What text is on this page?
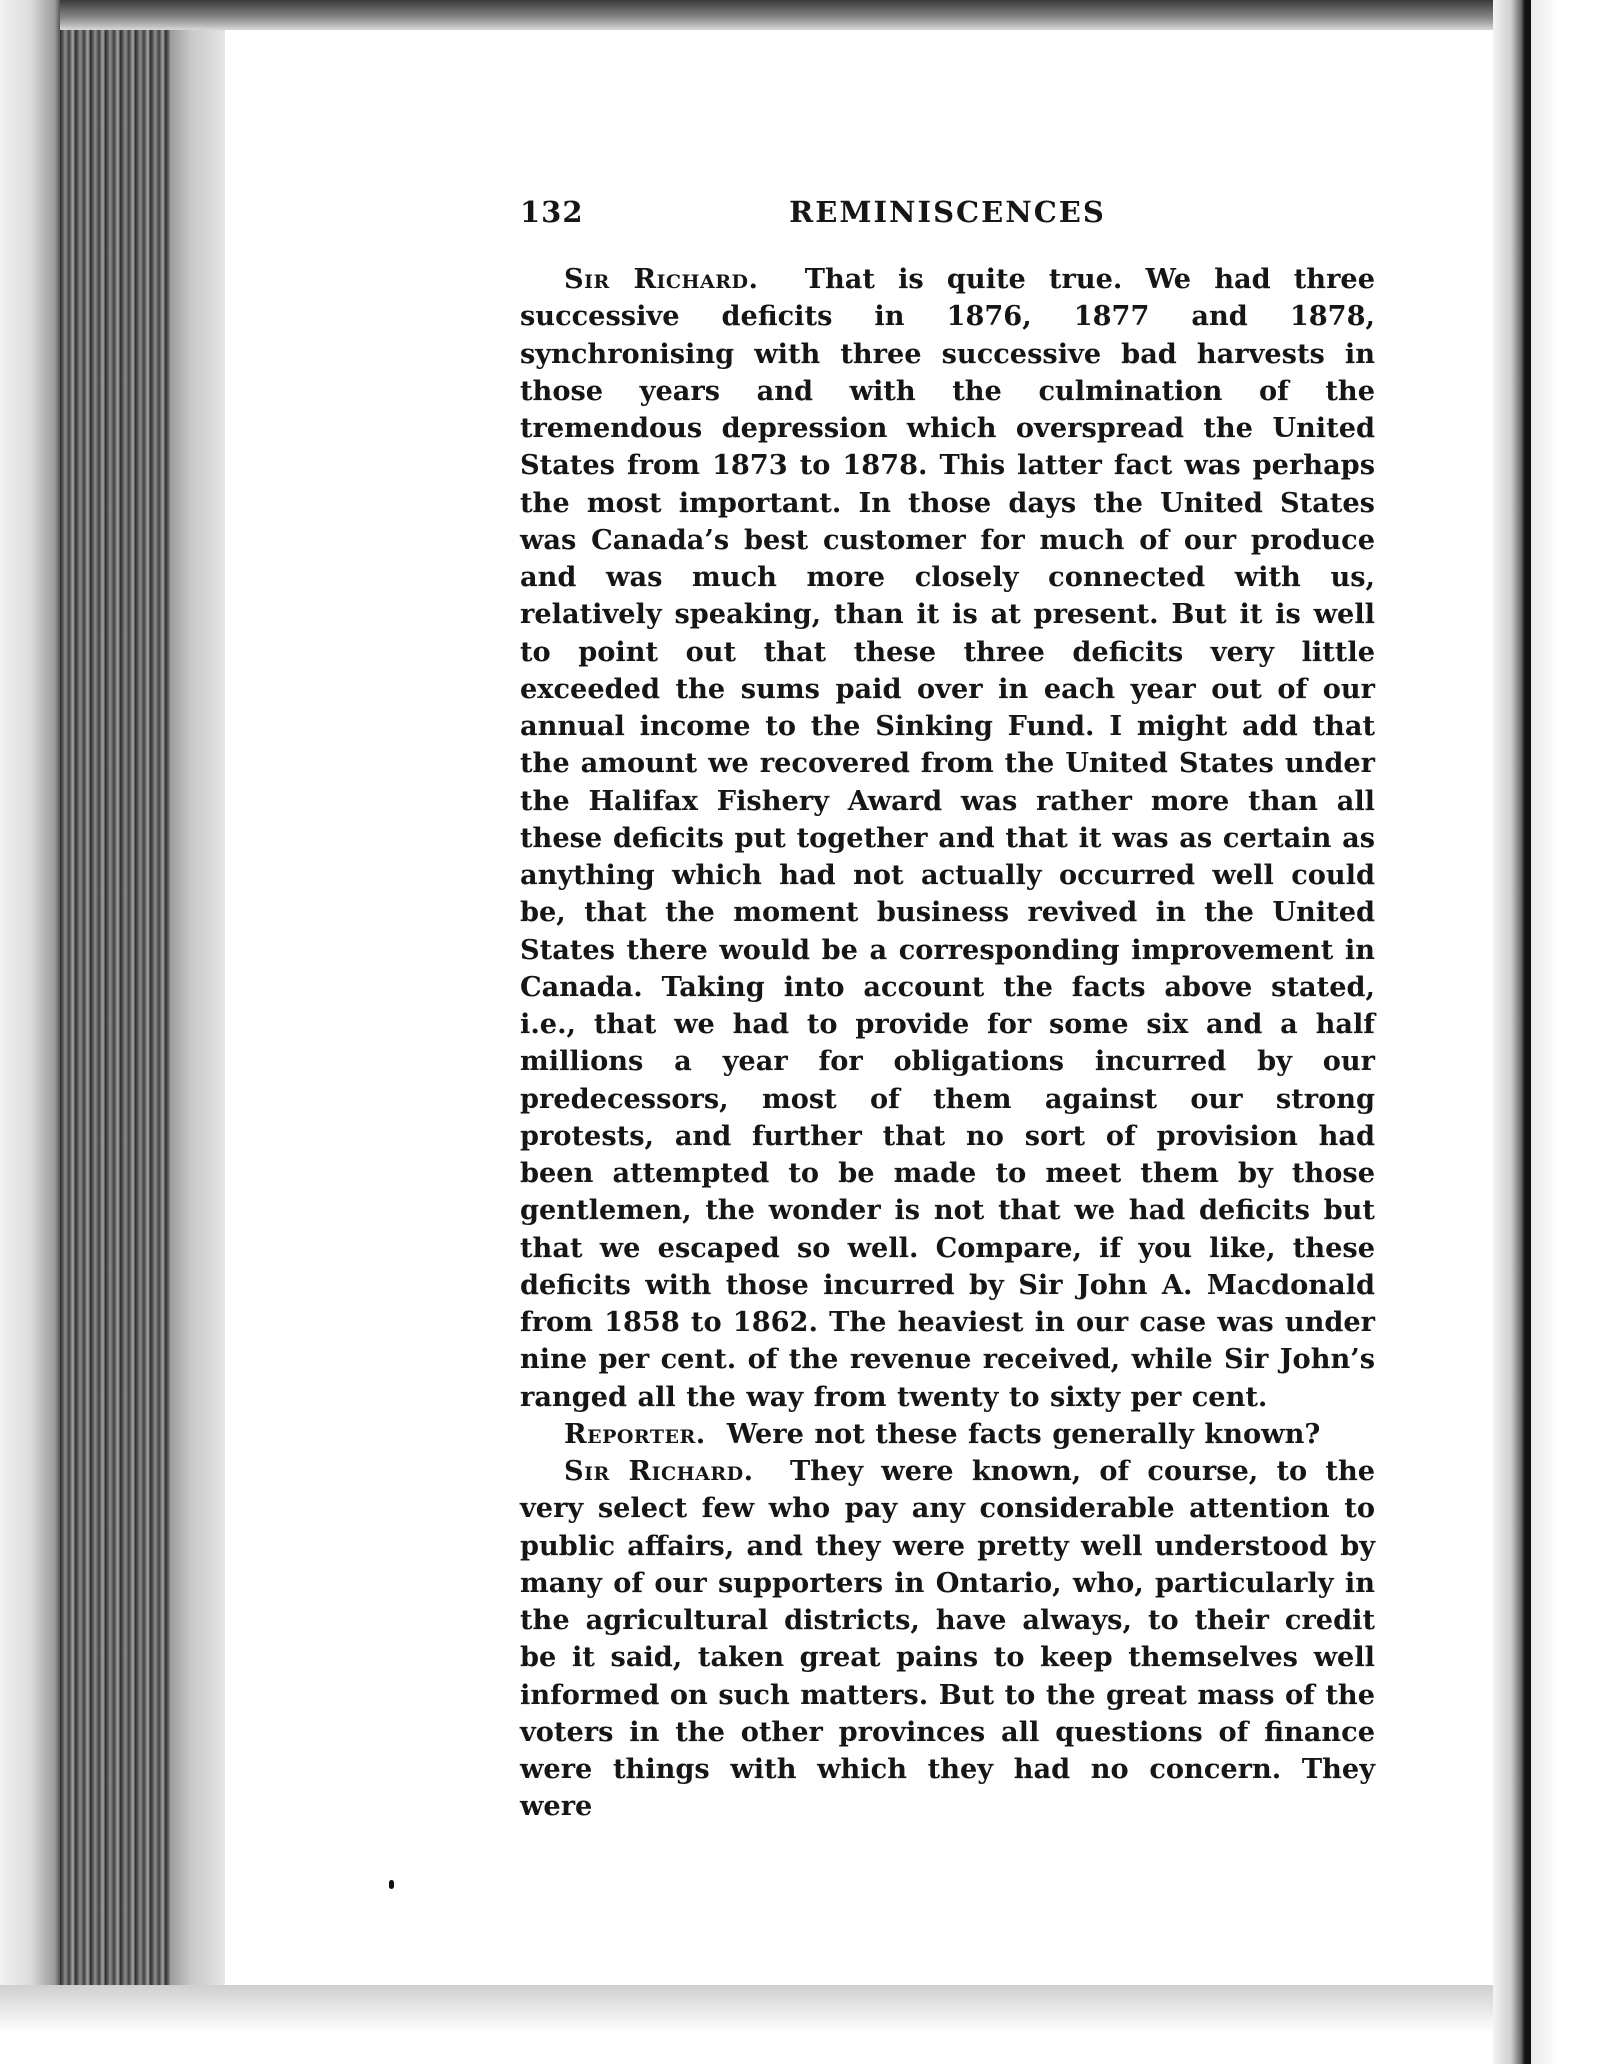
132	REMINISCENCES

Sir Richard. That is quite true. We had three successive deficits in 1876, 1877 and 1878, synchronising with three successive bad harvests in those years and with the culmination of the tremendous depression which overspread the United States from 1873 to 1878. This latter fact was perhaps the most important. In those days the United States was Canada’s best customer for much of our produce and was much more closely connected with us, relatively speaking, than it is at present. But it is well to point out that these three deficits very little exceeded the sums paid over in each year out of our annual income to the Sinking Fund. I might add that the amount we recovered from the United States under the Halifax Fishery Award was rather more than all these deficits put together and that it was as certain as anything which had not actually occurred well could be, that the moment business revived in the United States there would be a corresponding improvement in Canada. Taking into account the facts above stated, i.e., that we had to provide for some six and a half millions a year for obligations incurred by our predecessors, most of them against our strong protests, and further that no sort of provision had been attempted to be made to meet them by those gentlemen, the wonder is not that we had deficits but that we escaped so well. Compare, if you like, these deficits with those incurred by Sir John A. Macdonald from 1858 to 1862. The heaviest in our case was under nine per cent. of the revenue received, while Sir John’s ranged all the way from twenty to sixty per cent.

Reporter. Were not these facts generally known?

Sir Richard. They were known, of course, to the very select few who pay any considerable attention to public affairs, and they were pretty well understood by many of our supporters in Ontario, who, particularly in the agricultural districts, have always, to their credit be it said, taken great pains to keep themselves well informed on such matters. But to the great mass of the voters in the other provinces all questions of finance were things with which they had no concern. They were
